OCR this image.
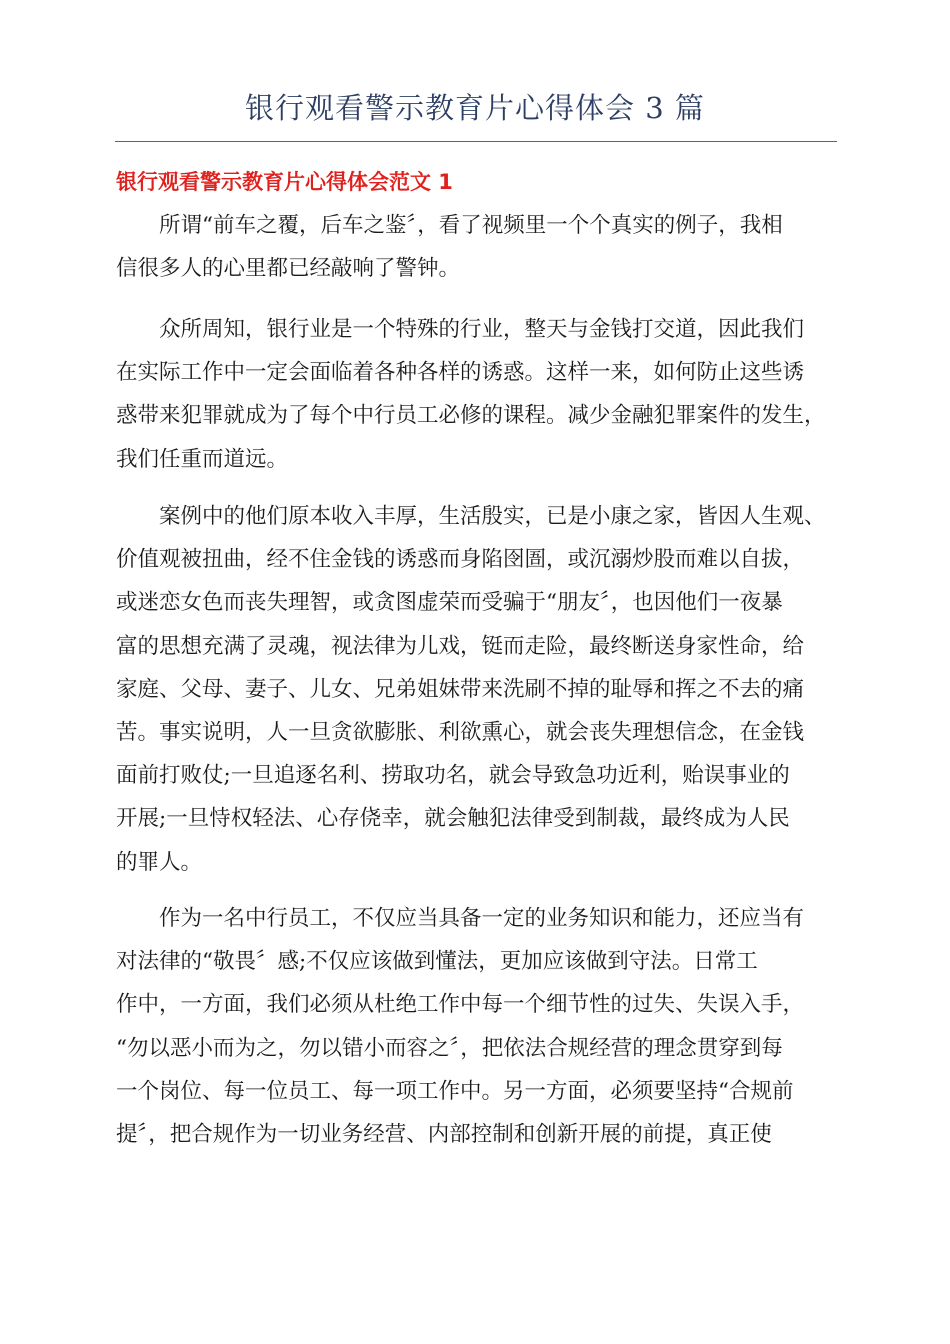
银行观看警示教育片心得体会 3 篇
银行观看警示教育片心得体会范文 1

　　所谓“前车之覆，后车之鉴〞，看了视频里一个个真实的例子，我相
信很多人的心里都已经敲响了警钟。

　　众所周知，银行业是一个特殊的行业，整天与金钱打交道，因此我们
在实际工作中一定会面临着各种各样的诱惑。这样一来，如何防止这些诱
惑带来犯罪就成为了每个中行员工必修的课程。减少金融犯罪案件的发生，
我们任重而道远。

　　案例中的他们原本收入丰厚，生活殷实，已是小康之家，皆因人生观、
价值观被扭曲，经不住金钱的诱惑而身陷囹圄，或沉溺炒股而难以自拔，
或迷恋女色而丧失理智，或贪图虚荣而受骗于“朋友〞，也因他们一夜暴
富的思想充满了灵魂，视法律为儿戏，铤而走险，最终断送身家性命，给
家庭、父母、妻子、儿女、兄弟姐妹带来洗刷不掉的耻辱和挥之不去的痛
苦。事实说明，人一旦贪欲膨胀、利欲熏心，就会丧失理想信念，在金钱
面前打败仗;一旦追逐名利、捞取功名，就会导致急功近利，贻误事业的
开展;一旦恃权轻法、心存侥幸，就会触犯法律受到制裁，最终成为人民
的罪人。

　　作为一名中行员工，不仅应当具备一定的业务知识和能力，还应当有
对法律的“敬畏〞感;不仅应该做到懂法，更加应该做到守法。日常工
作中，一方面，我们必须从杜绝工作中每一个细节性的过失、失误入手，
“勿以恶小而为之，勿以错小而容之〞，把依法合规经营的理念贯穿到每
一个岗位、每一位员工、每一项工作中。另一方面，必须要坚持“合规前
提〞，把合规作为一切业务经营、内部控制和创新开展的前提，真正使
